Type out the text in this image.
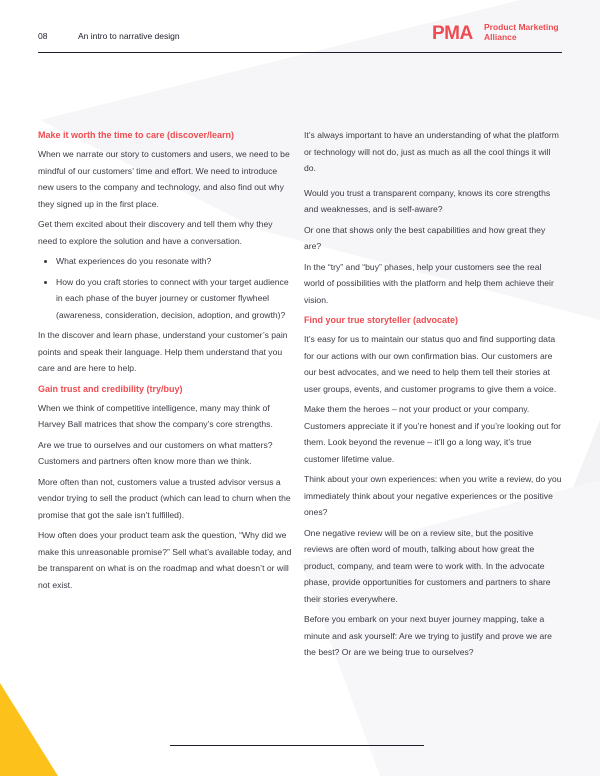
08	An intro to narrative design	PMA Product Marketing
Alliance
Make it worth the time to care (discover/learn)

When we narrate our story to customers and users, we need to be mindful of our customers’ time and effort. We need to introduce new users to the company and technology, and also find out why they signed up in the first place.

Get them excited about their discovery and tell them why they need to explore the solution and have a conversation.

• What experiences do you resonate with?
• How do you craft stories to connect with your target audience in each phase of the buyer journey or customer flywheel (awareness, consideration, decision, adoption, and growth)?

In the discover and learn phase, understand your customer’s pain points and speak their language. Help them understand that you care and are here to help.

Gain trust and credibility (try/buy)

When we think of competitive intelligence, many may think of Harvey Ball matrices that show the company’s core strengths.

Are we true to ourselves and our customers on what matters? Customers and partners often know more than we think.

More often than not, customers value a trusted advisor versus a vendor trying to sell the product (which can lead to churn when the promise that got the sale isn’t fulfilled).

How often does your product team ask the question, “Why did we make this unreasonable promise?” Sell what’s available today, and be transparent on what is on the roadmap and what doesn’t or will not exist.

It’s always important to have an understanding of what the platform or technology will not do, just as much as all the cool things it will do.

Would you trust a transparent company, knows its core strengths and weaknesses, and is self-aware?

Or one that shows only the best capabilities and how great they are?

In the “try” and “buy” phases, help your customers see the real world of possibilities with the platform and help them achieve their vision.

Find your true storyteller (advocate)

It’s easy for us to maintain our status quo and find supporting data for our actions with our own confirmation bias. Our customers are our best advocates, and we need to help them tell their stories at user groups, events, and customer programs to give them a voice.

Make them the heroes – not your product or your company. Customers appreciate it if you’re honest and if you’re looking out for them. Look beyond the revenue – it’ll go a long way, it’s true customer lifetime value.

Think about your own experiences: when you write a review, do you immediately think about your negative experiences or the positive ones?

One negative review will be on a review site, but the positive reviews are often word of mouth, talking about how great the product, company, and team were to work with. In the advocate phase, provide opportunities for customers and partners to share their stories everywhere.

Before you embark on your next buyer journey mapping, take a minute and ask yourself: Are we trying to justify and prove we are the best? Or are we being true to ourselves?
